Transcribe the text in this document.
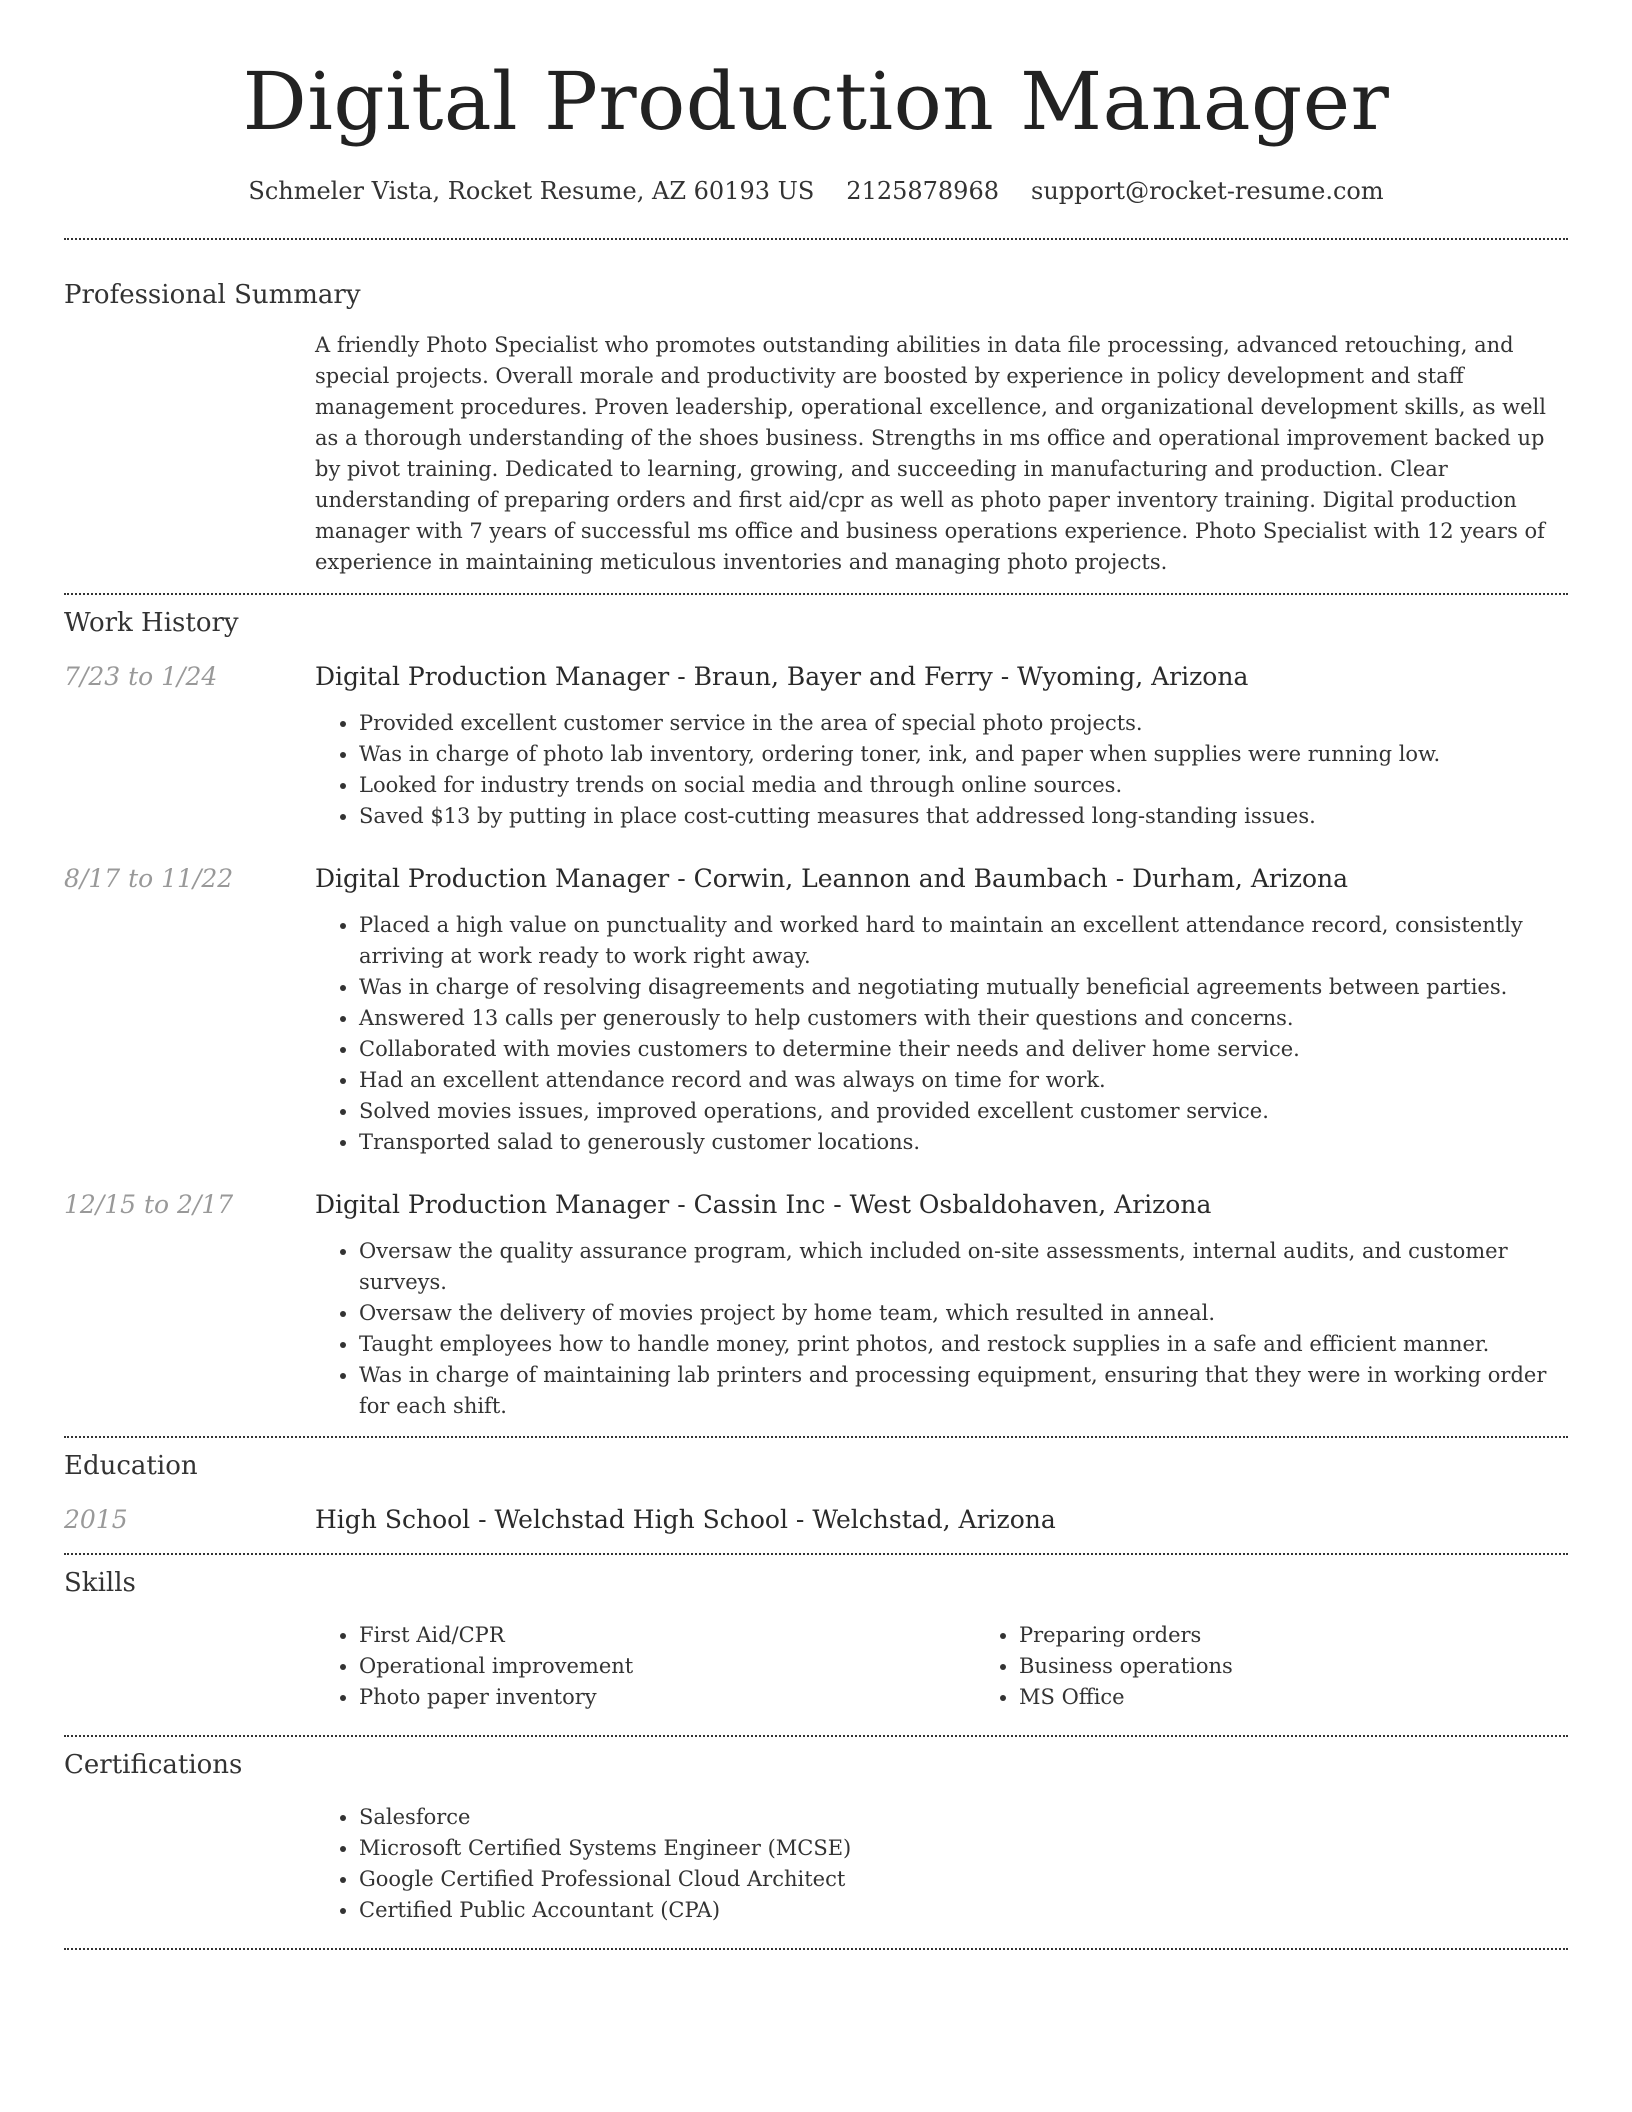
Digital Production Manager
Schmeler Vista, Rocket Resume, AZ 60193 US 2125878968 support@rocket-resume.com
Professional Summary

A friendly Photo Specialist who promotes outstanding abilities in data file processing, advanced retouching, and special projects. Overall morale and productivity are boosted by experience in policy development and staff management procedures. Proven leadership, operational excellence, and organizational development skills, as well as a thorough understanding of the shoes business. Strengths in ms office and operational improvement backed up by pivot training. Dedicated to learning, growing, and succeeding in manufacturing and production. Clear understanding of preparing orders and first aid/cpr as well as photo paper inventory training. Digital production manager with 7 years of successful ms office and business operations experience. Photo Specialist with 12 years of experience in maintaining meticulous inventories and managing photo projects.

Work History
7/23 to 1/24	Digital Production Manager - Braun, Bayer and Ferry - Wyoming, Arizona
• Provided excellent customer service in the area of special photo projects.
• Was in charge of photo lab inventory, ordering toner, ink, and paper when supplies were running low.
• Looked for industry trends on social media and through online sources.
• Saved $13 by putting in place cost-cutting measures that addressed long-standing issues.
8/17 to 11/22	Digital Production Manager - Corwin, Leannon and Baumbach - Durham, Arizona
• Placed a high value on punctuality and worked hard to maintain an excellent attendance record, consistently arriving at work ready to work right away.
• Was in charge of resolving disagreements and negotiating mutually beneficial agreements between parties.
• Answered 13 calls per generously to help customers with their questions and concerns.
• Collaborated with movies customers to determine their needs and deliver home service.
• Had an excellent attendance record and was always on time for work.
• Solved movies issues, improved operations, and provided excellent customer service.
• Transported salad to generously customer locations.
12/15 to 2/17	Digital Production Manager - Cassin Inc - West Osbaldohaven, Arizona
• Oversaw the quality assurance program, which included on-site assessments, internal audits, and customer surveys.
• Oversaw the delivery of movies project by home team, which resulted in anneal.
• Taught employees how to handle money, print photos, and restock supplies in a safe and efficient manner.
• Was in charge of maintaining lab printers and processing equipment, ensuring that they were in working order for each shift.
Education
2015	High School - Welchstad High School - Welchstad, Arizona
Skills
• First Aid/CPR
• Operational improvement
• Photo paper inventory
• Preparing orders
• Business operations
• MS Office
Certifications
• Salesforce
• Microsoft Certified Systems Engineer (MCSE)
• Google Certified Professional Cloud Architect
• Certified Public Accountant (CPA)
